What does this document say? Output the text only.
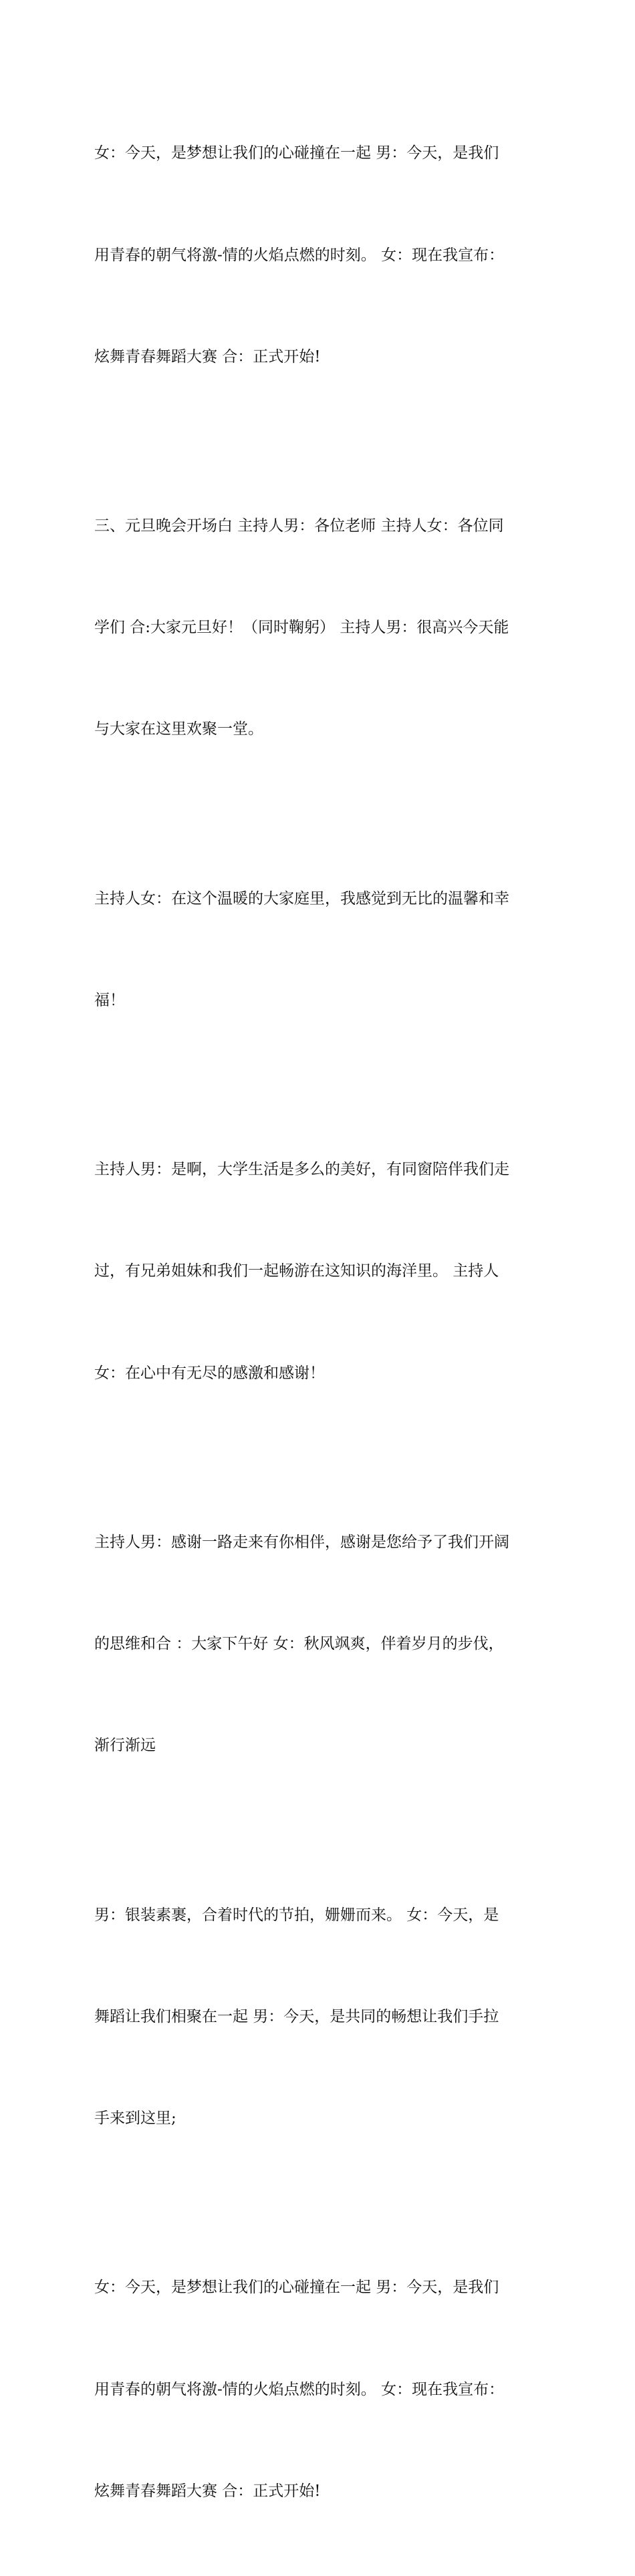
女：今天，是梦想让我们的心碰撞在一起 男：今天，是我们

用青春的朝气将激-情的火焰点燃的时刻。 女：现在我宣布：

炫舞青春舞蹈大赛 合：正式开始!

三、元旦晚会开场白 主持人男：各位老师 主持人女：各位同

学们 合:大家元旦好！（同时鞠躬） 主持人男：很高兴今天能

与大家在这里欢聚一堂。

主持人女：在这个温暖的大家庭里，我感觉到无比的温馨和幸

福！

主持人男：是啊，大学生活是多么的美好，有同窗陪伴我们走

过，有兄弟姐妹和我们一起畅游在这知识的海洋里。 主持人

女：在心中有无尽的感激和感谢！

主持人男：感谢一路走来有你相伴，感谢是您给予了我们开阔

的思维和合 ：大家下午好 女：秋风飒爽，伴着岁月的步伐，

渐行渐远

男：银装素裹，合着时代的节拍，姗姗而来。 女：今天，是

舞蹈让我们相聚在一起 男：今天，是共同的畅想让我们手拉

手来到这里;

女：今天，是梦想让我们的心碰撞在一起 男：今天，是我们

用青春的朝气将激-情的火焰点燃的时刻。 女：现在我宣布：

炫舞青春舞蹈大赛 合：正式开始!
